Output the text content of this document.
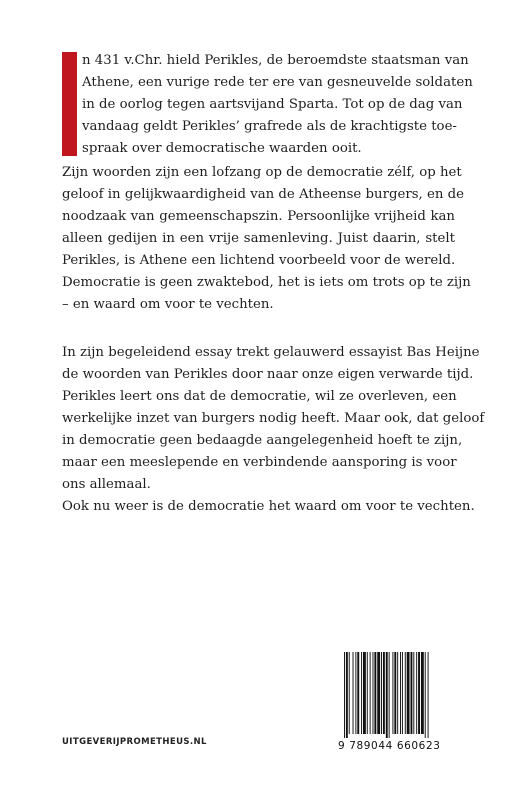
n 431 v.Chr. hield Perikles, de beroemdste staatsman van
Athene, een vurige rede ter ere van gesneuvelde soldaten
in de oorlog tegen aartsvijand Sparta. Tot op de dag van
vandaag geldt Perikles’ grafrede als de krachtigste toe-
spraak over democratische waarden ooit.
Zijn woorden zijn een lofzang op de democratie zélf, op het
geloof in gelijkwaardigheid van de Atheense burgers, en de
noodzaak van gemeenschapszin. Persoonlijke vrijheid kan
alleen gedijen in een vrije samenleving. Juist daarin, stelt
Perikles, is Athene een lichtend voorbeeld voor de wereld.
Democratie is geen zwaktebod, het is iets om trots op te zijn
– en waard om voor te vechten.
In zijn begeleidend essay trekt gelauwerd essayist Bas Heijne
de woorden van Perikles door naar onze eigen verwarde tijd.
Perikles leert ons dat de democratie, wil ze overleven, een
werkelijke inzet van burgers nodig heeft. Maar ook, dat geloof
in democratie geen bedaagde aangelegenheid hoeft te zijn,
maar een meeslepende en verbindende aansporing is voor
ons allemaal.
Ook nu weer is de democratie het waard om voor te vechten.
UITGEVERIJPROMETHEUS.NL	9 789044 660623
